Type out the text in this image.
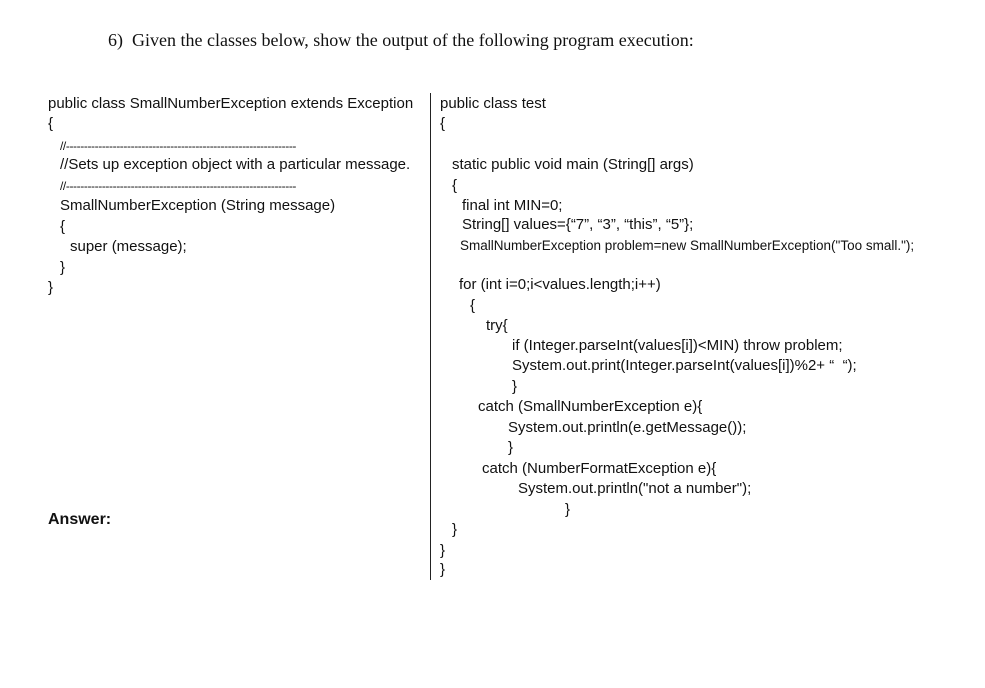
6) Given the classes below, show the output of the following program execution:
public class SmallNumberException extends Exception
{
//----------------------------------------------------------------
//Sets up exception object with a particular message.
//----------------------------------------------------------------
SmallNumberException (String message)
{
super (message);
}
}
public class test
{
static public void main (String[] args)
{
final int MIN=0;
String[] values={“7”, “3”, “this”, “5”};
SmallNumberException problem=new SmallNumberException("Too small.");
for (int i=0;i<values.length;i++)
{
try{
if (Integer.parseInt(values[i])<MIN) throw problem;
System.out.print(Integer.parseInt(values[i])%2+ “  “);
}
catch (SmallNumberException e){
System.out.println(e.getMessage());
}
catch (NumberFormatException e){
System.out.println("not a number");
}
}
}
}
Answer:
